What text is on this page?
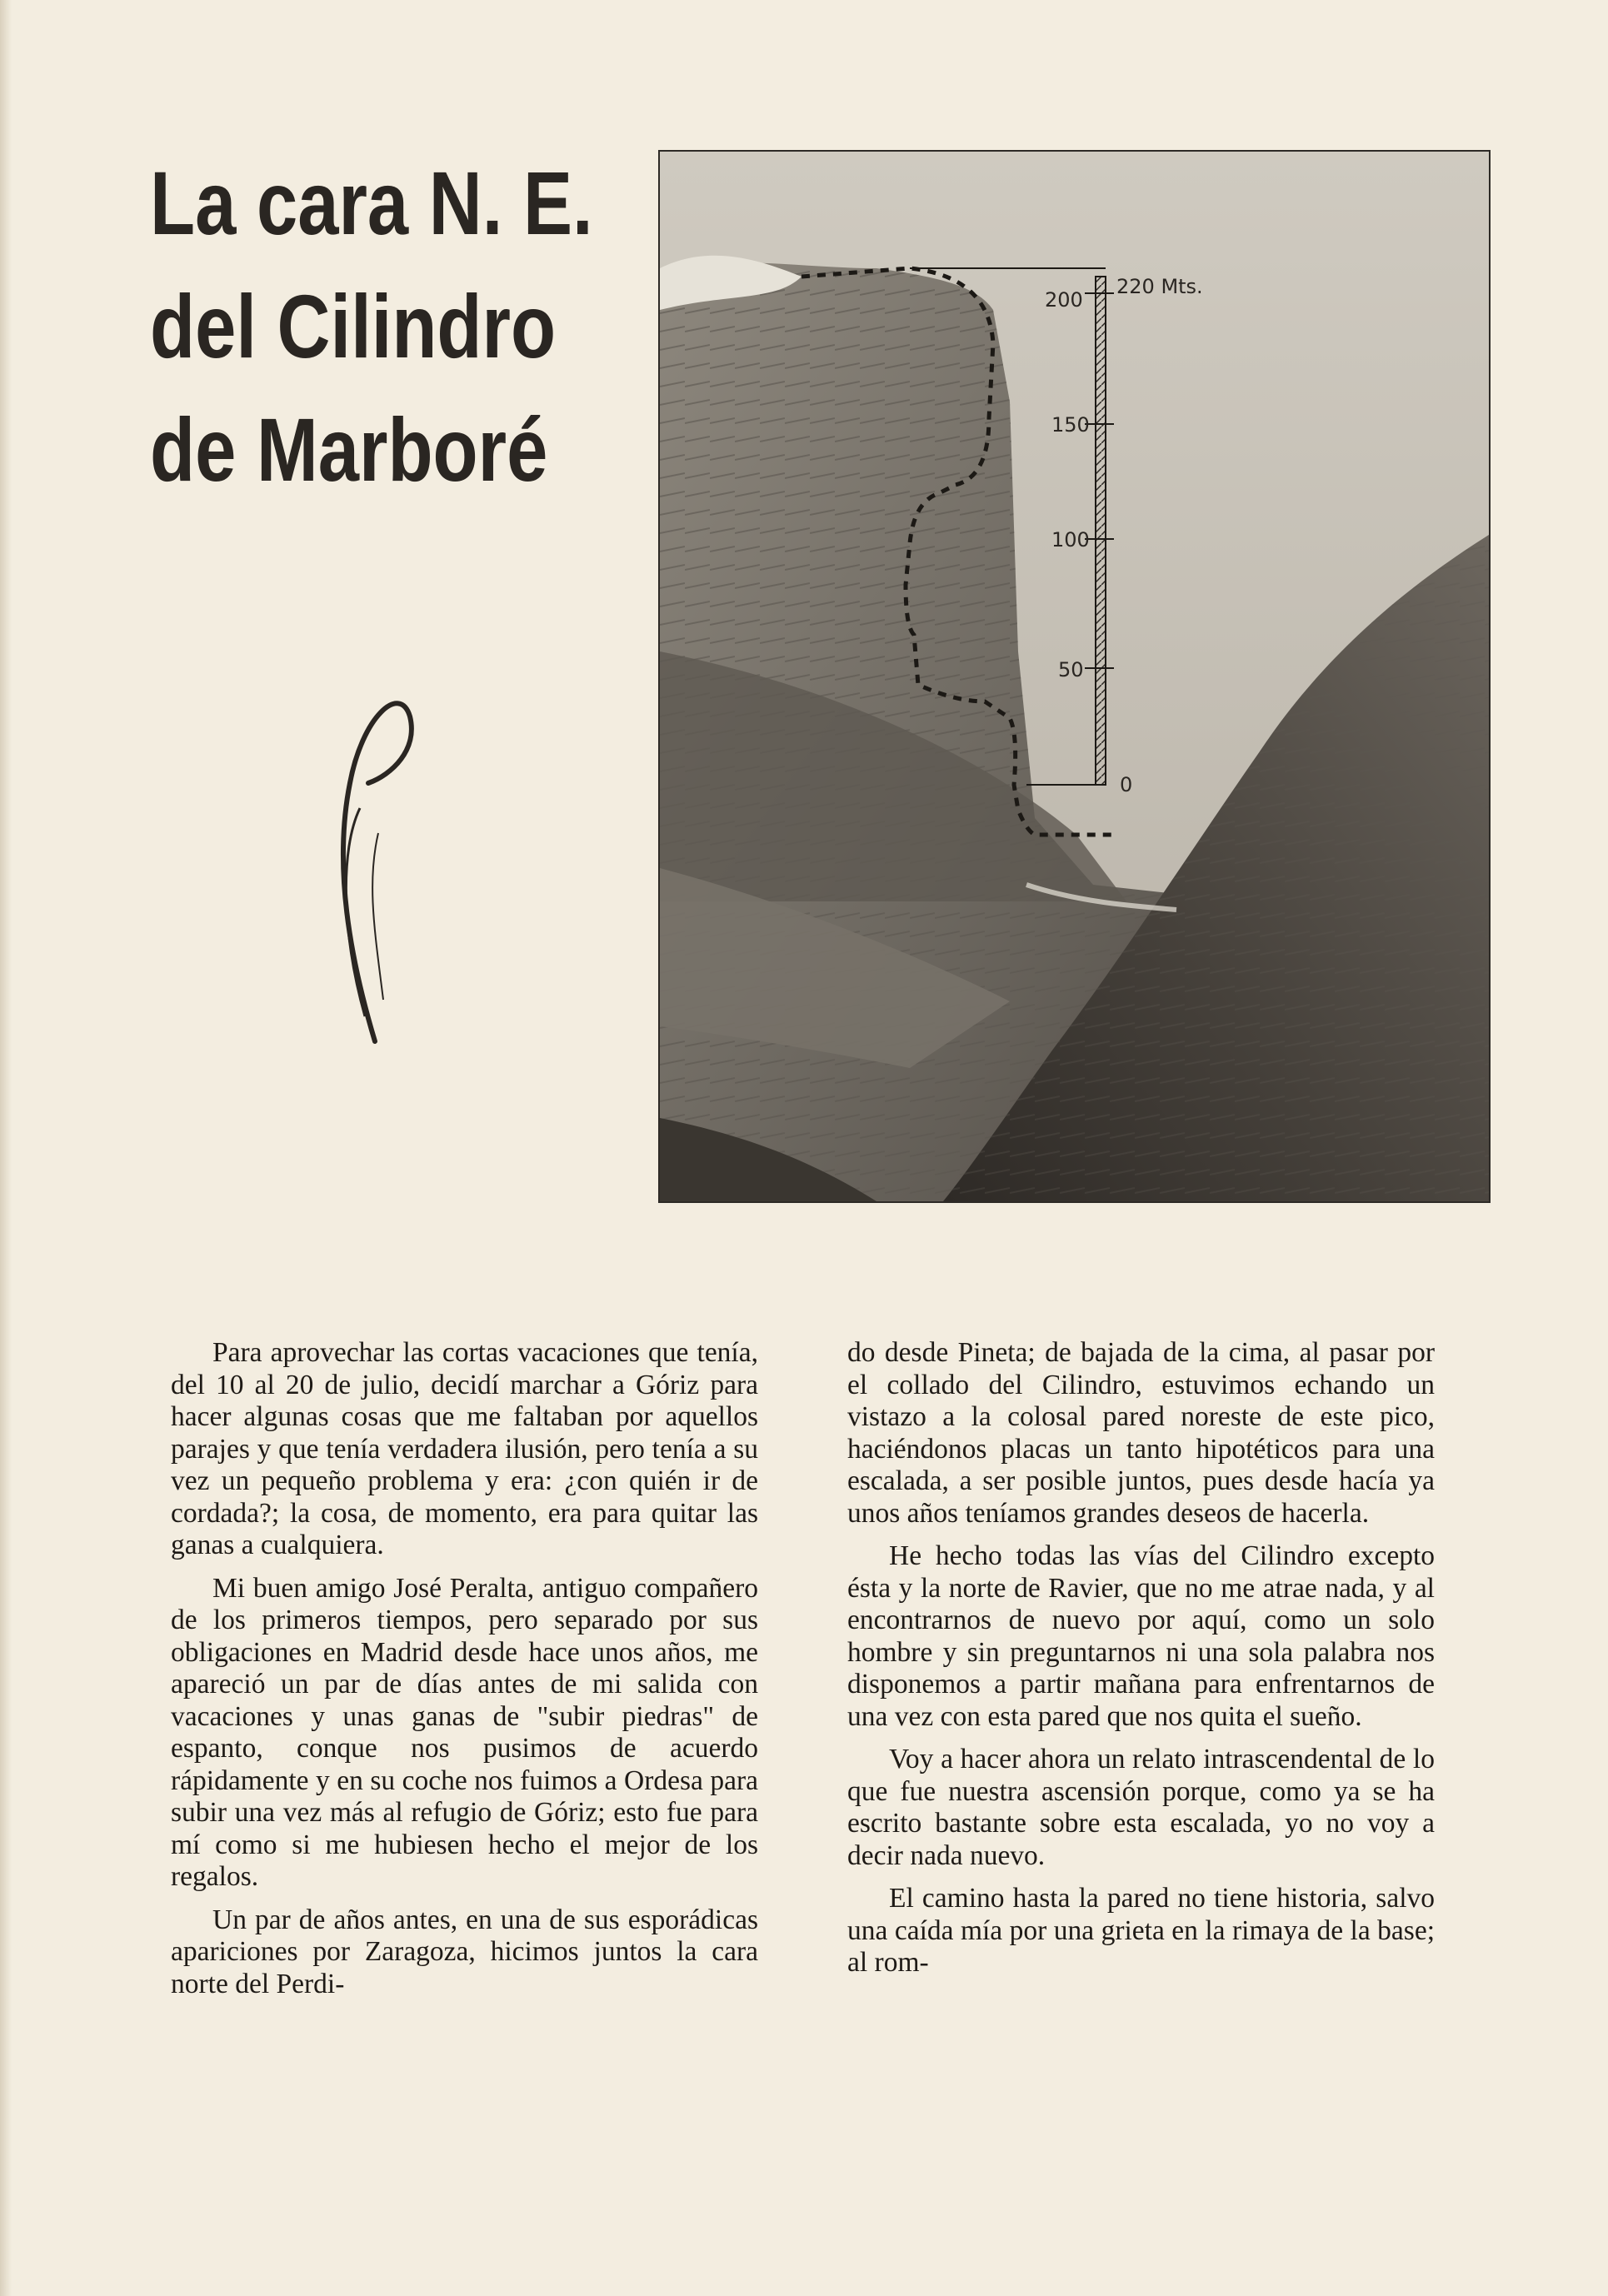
La cara N. E.
del Cilindro
de Marboré
220 Mts.
200
150
100
50
0

Para aprovechar las cortas vacaciones que tenía, del 10 al 20 de julio, decidí marchar a Góriz para hacer algunas cosas que me faltaban por aquellos parajes y que tenía verdadera ilusión, pero tenía a su vez un pequeño problema y era: ¿con quién ir de cordada?; la cosa, de momento, era para quitar las ganas a cualquiera.

Mi buen amigo José Peralta, antiguo compañero de los primeros tiempos, pero separado por sus obligaciones en Madrid desde hace unos años, me apareció un par de días antes de mi salida con vacaciones y unas ganas de "subir piedras" de espanto, conque nos pusimos de acuerdo rápidamente y en su coche nos fuimos a Ordesa para subir una vez más al refugio de Góriz; esto fue para mí como si me hubiesen hecho el mejor de los regalos.

Un par de años antes, en una de sus esporádicas apariciones por Zaragoza, hicimos juntos la cara norte del Perdi-

do desde Pineta; de bajada de la cima, al pasar por el collado del Cilindro, estuvimos echando un vistazo a la colosal pared noreste de este pico, haciéndonos placas un tanto hipotéticos para una escalada, a ser posible juntos, pues desde hacía ya unos años teníamos grandes deseos de hacerla.

He hecho todas las vías del Cilindro excepto ésta y la norte de Ravier, que no me atrae nada, y al encontrarnos de nuevo por aquí, como un solo hombre y sin preguntarnos ni una sola palabra nos disponemos a partir mañana para enfrentarnos de una vez con esta pared que nos quita el sueño.

Voy a hacer ahora un relato intrascendental de lo que fue nuestra ascensión porque, como ya se ha escrito bastante sobre esta escalada, yo no voy a decir nada nuevo.

El camino hasta la pared no tiene historia, salvo una caída mía por una grieta en la rimaya de la base; al rom-
